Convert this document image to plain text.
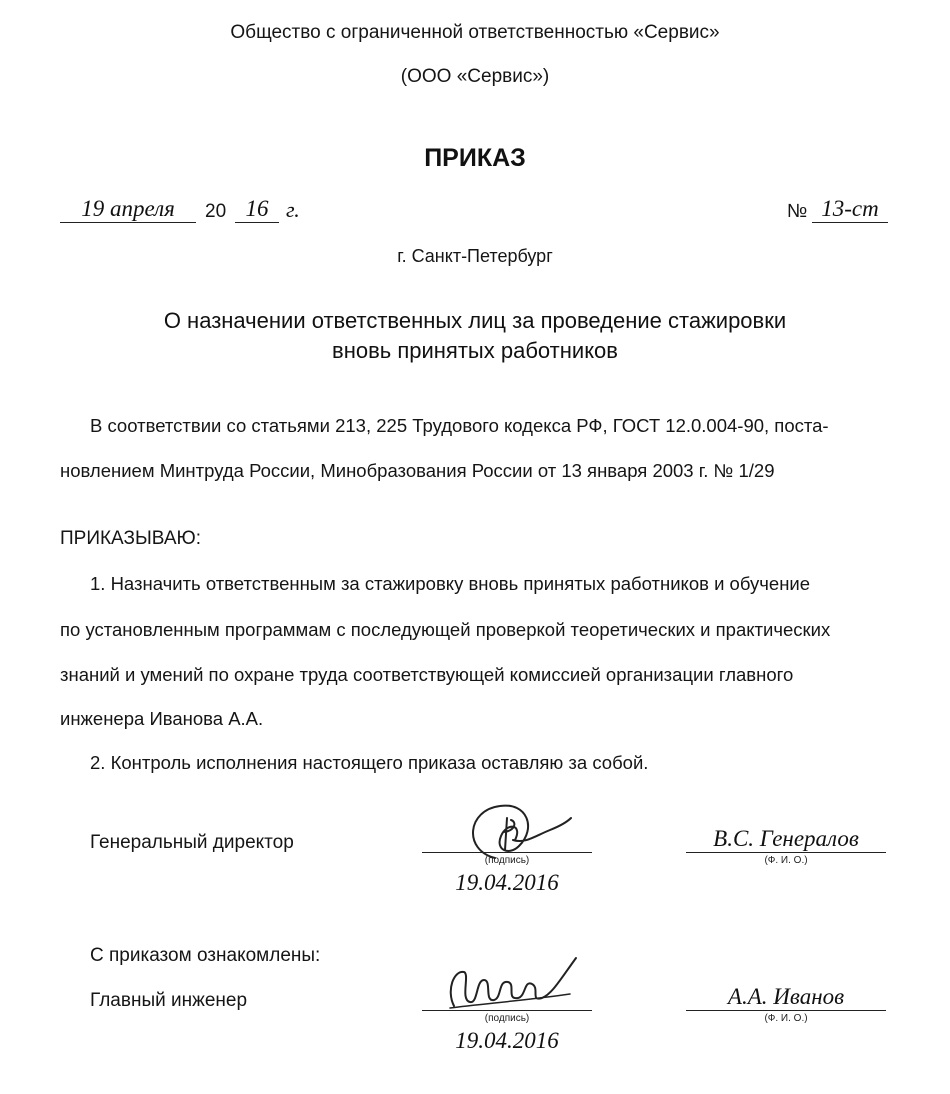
Общество с ограниченной ответственностью «Сервис»
(ООО «Сервис»)
ПРИКАЗ
19 апреля	20 16 г.	№ 13-ст
г. Санкт-Петербург
О назначении ответственных лиц за проведение стажировки
вновь принятых работников
В соответствии со статьями 213, 225 Трудового кодекса РФ, ГОСТ 12.0.004-90, поста-
новлением Минтруда России, Минобразования России от 13 января 2003 г. № 1/29
ПРИКАЗЫВАЮ:
1. Назначить ответственным за стажировку вновь принятых работников и обучение
по установленным программам с последующей проверкой теоретических и практических
знаний и умений по охране труда соответствующей комиссией организации главного
инженера Иванова А.А.
2. Контроль исполнения настоящего приказа оставляю за собой.
Генеральный директор
(подпись)
В.С. Генералов
(Ф. И. О.)
19.04.2016
С приказом ознакомлены:
Главный инженер
(подпись)
А.А. Иванов
(Ф. И. О.)
19.04.2016
